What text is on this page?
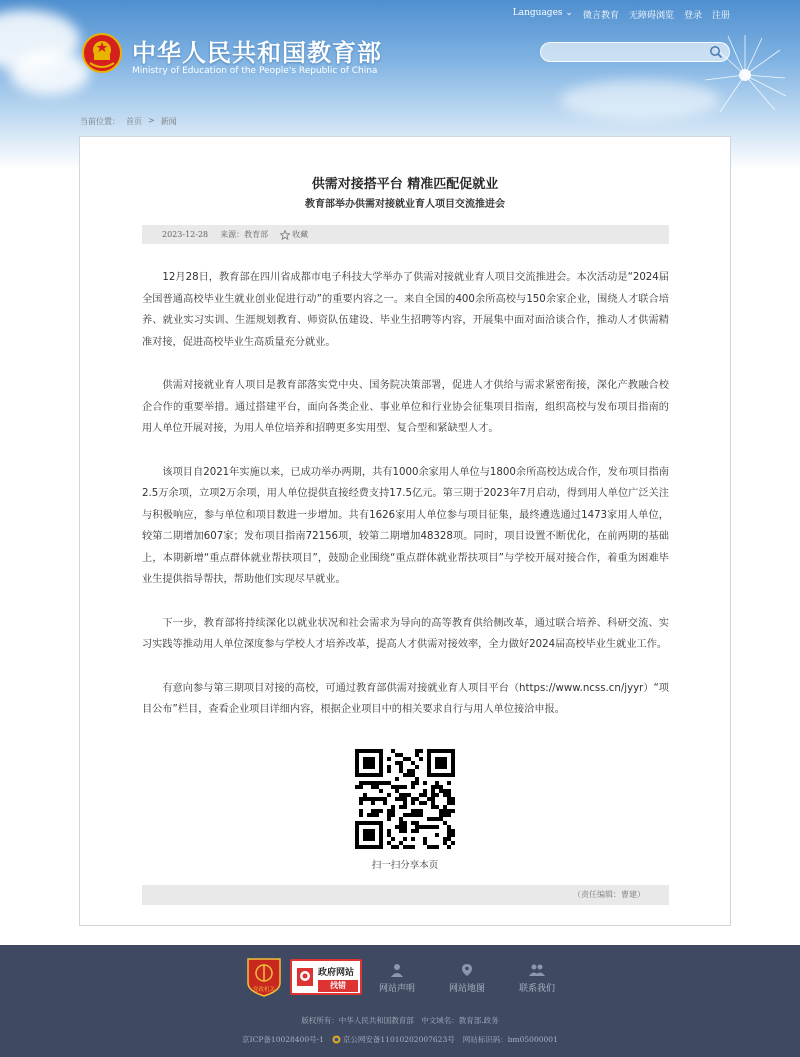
Languages ⌄ 微言教育 无障碍浏览 登录 注册
中华人民共和国教育部
Ministry of Education of the People's Republic of China
当前位置： 首页 > 新闻
供需对接搭平台 精准匹配促就业
教育部举办供需对接就业育人项目交流推进会
2023-12-28 来源：教育部	收藏

12月28日，教育部在四川省成都市电子科技大学举办了供需对接就业育人项目交流推进会。本次活动是“2024届全国普通高校毕业生就业创业促进行动”的重要内容之一。来自全国的400余所高校与150余家企业，围绕人才联合培养、就业实习实训、生涯规划教育、师资队伍建设、毕业生招聘等内容，开展集中面对面洽谈合作，推动人才供需精准对接，促进高校毕业生高质量充分就业。

供需对接就业育人项目是教育部落实党中央、国务院决策部署，促进人才供给与需求紧密衔接，深化产教融合校企合作的重要举措。通过搭建平台，面向各类企业、事业单位和行业协会征集项目指南，组织高校与发布项目指南的用人单位开展对接，为用人单位培养和招聘更多实用型、复合型和紧缺型人才。

该项目自2021年实施以来，已成功举办两期，共有1000余家用人单位与1800余所高校达成合作，发布项目指南2.5万余项，立项2万余项，用人单位提供直接经费支持17.5亿元。第三期于2023年7月启动，得到用人单位广泛关注与积极响应，参与单位和项目数进一步增加。共有1626家用人单位参与项目征集，最终遴选通过1473家用人单位，较第二期增加607家；发布项目指南72156项，较第二期增加48328项。同时，项目设置不断优化，在前两期的基础上，本期新增“重点群体就业帮扶项目”，鼓励企业围绕“重点群体就业帮扶项目”与学校开展对接合作，着重为困难毕业生提供指导帮扶，帮助他们实现尽早就业。

下一步，教育部将持续深化以就业状况和社会需求为导向的高等教育供给侧改革，通过联合培养、科研交流、实习实践等推动用人单位深度参与学校人才培养改革，提高人才供需对接效率，全力做好2024届高校毕业生就业工作。

有意向参与第三期项目对接的高校，可通过教育部供需对接就业育人项目平台（https://www.ncss.cn/jyyr）“项目公布”栏目，查看企业项目详细内容，根据企业项目中的相关要求自行与用人单位接洽申报。

扫一扫分享本页
（责任编辑：曹建）
党政机关
政府网站
找错	网站声明	网站地图	联系我们
版权所有：中华人民共和国教育部　中文域名：教育部.政务
京ICP备10028400号-1	京公网安备11010202007623号 网站标识码：bm05000001
